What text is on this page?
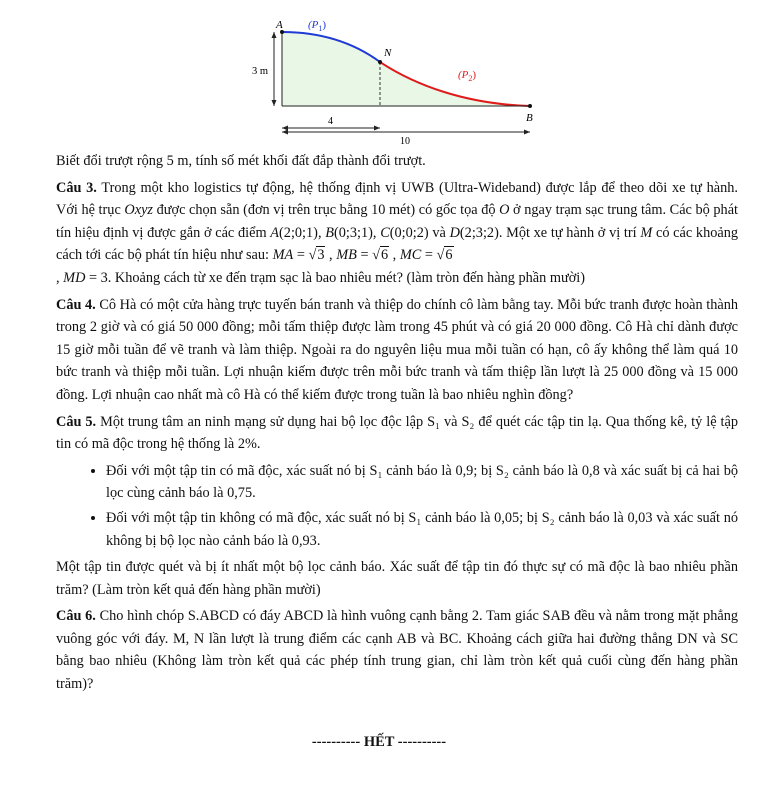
A $(P_1)$
N
$(P_2)$
B
3 m
4
10

Biết đổi trượt rộng 5 m, tính số mét khối đất đắp thành đổi trượt.

Câu 3. Trong một kho logistics tự động, hệ thống định vị UWB (Ultra-Wideband) được lắp để theo dõi xe tự hành. Với hệ trục Oxyz được chọn sẵn (đơn vị trên trục bằng 10 mét) có gốc tọa độ O ở ngay trạm sạc trung tâm. Các bộ phát tín hiệu định vị được gắn ở các điểm A(2;0;1), B(0;3;1), C(0;0;2) và D(2;3;2). Một xe tự hành ở vị trí M có các khoảng cách tới các bộ phát tín hiệu như sau: MA = √3 , MB = √6 , MC = √6
, MD = 3. Khoảng cách từ xe đến trạm sạc là bao nhiêu mét? (làm tròn đến hàng phần mười)

Câu 4. Cô Hà có một cửa hàng trực tuyến bán tranh và thiệp do chính cô làm bằng tay. Mỗi bức tranh được hoàn thành trong 2 giờ và có giá 50 000 đồng; mỗi tấm thiệp được làm trong 45 phút và có giá 20 000 đồng. Cô Hà chỉ dành được 15 giờ mỗi tuần để vẽ tranh và làm thiệp. Ngoài ra do nguyên liệu mua mỗi tuần có hạn, cô ấy không thể làm quá 10 bức tranh và thiệp mỗi tuần. Lợi nhuận kiếm được trên mỗi bức tranh và tấm thiệp lần lượt là 25 000 đồng và 15 000 đồng. Lợi nhuận cao nhất mà cô Hà có thể kiếm được trong tuần là bao nhiêu nghìn đồng?

Câu 5. Một trung tâm an ninh mạng sử dụng hai bộ lọc độc lập S₁ và S₂ để quét các tập tin lạ. Qua thống kê, tỷ lệ tập tin có mã độc trong hệ thống là 2%.

• Đối với một tập tin có mã độc, xác suất nó bị S₁ cảnh báo là 0,9; bị S₂ cảnh báo là 0,8 và xác suất bị cả hai bộ lọc cùng cảnh báo là 0,75.
• Đối với một tập tin không có mã độc, xác suất nó bị S₁ cảnh báo là 0,05; bị S₂ cảnh báo là 0,03 và xác suất nó không bị bộ lọc nào cảnh báo là 0,93.

Một tập tin được quét và bị ít nhất một bộ lọc cảnh báo. Xác suất để tập tin đó thực sự có mã độc là bao nhiêu phần trăm? (Làm tròn kết quả đến hàng phần mười)

Câu 6. Cho hình chóp S.ABCD có đáy ABCD là hình vuông cạnh bằng 2. Tam giác SAB đều và nằm trong mặt phẳng vuông góc với đáy. M, N lần lượt là trung điểm các cạnh AB và BC. Khoảng cách giữa hai đường thẳng DN và SC bằng bao nhiêu (Không làm tròn kết quả các phép tính trung gian, chỉ làm tròn kết quả cuối cùng đến hàng phần trăm)?

---------- HẾT ----------
